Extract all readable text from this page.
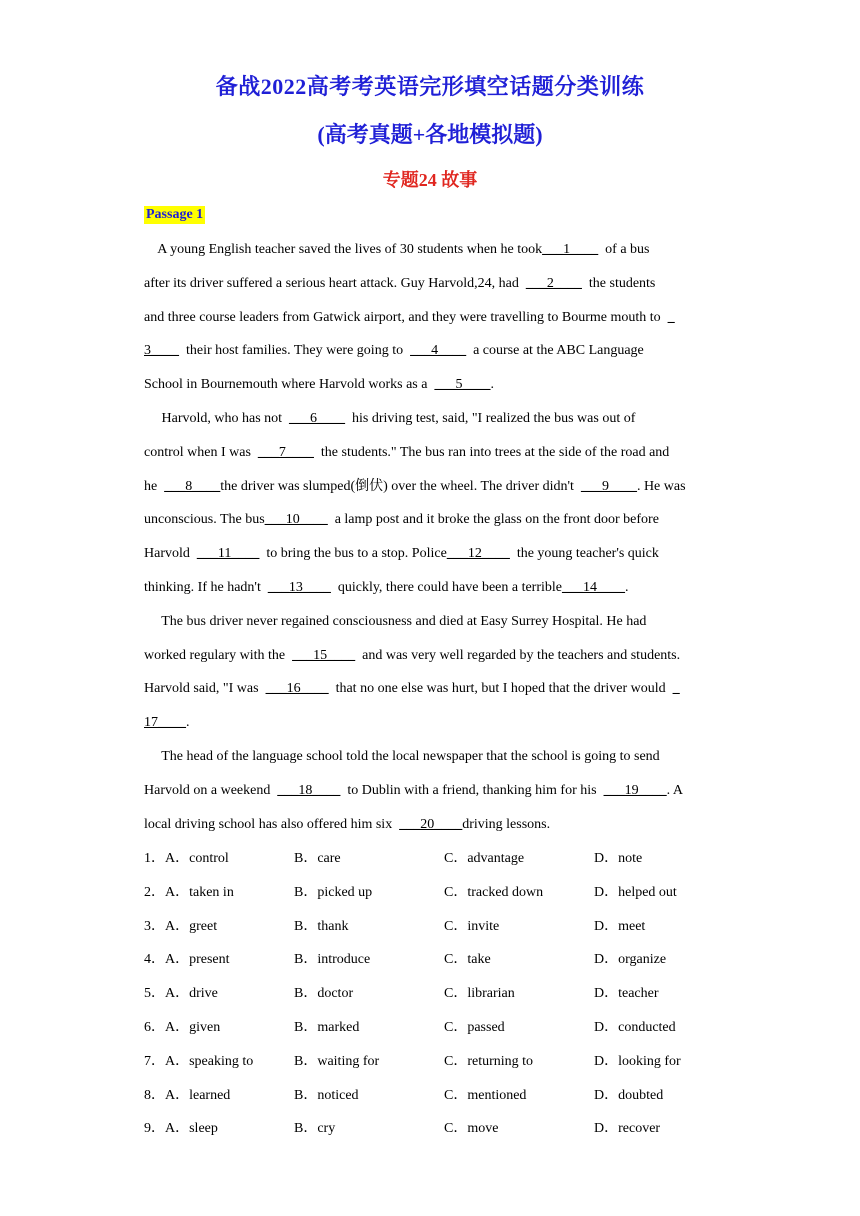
备战2022高考考英语完形填空话题分类训练
(高考真题+各地模拟题)
专题24 故事
Passage 1
A young English teacher saved the lives of 30 students when he took___1____  of a bus
after its driver suffered a serious heart attack. Guy Harvold,24, had  ___2____  the students
and three course leaders from Gatwick airport, and they were travelling to Bourme mouth to  _
3____  their host families. They were going to  ___4____  a course at the ABC Language
School in Bournemouth where Harvold works as a  ___5____.
Harvold, who has not  ___6____  his driving test, said, "I realized the bus was out of
control when I was  ___7____  the students." The bus ran into trees at the side of the road and
he  ___8____the driver was slumped(倒伏) over the wheel. The driver didn't  ___9____. He was
unconscious. The bus___10____  a lamp post and it broke the glass on the front door before
Harvold  ___11____  to bring the bus to a stop. Police___12____  the young teacher's quick
thinking. If he hadn't  ___13____  quickly, there could have been a terrible___14____.
The bus driver never regained consciousness and died at Easy Surrey Hospital. He had
worked regulary with the  ___15____  and was very well regarded by the teachers and students.
Harvold said, "I was  ___16____  that no one else was hurt, but I hoped that the driver would  _
17____.
The head of the language school told the local newspaper that the school is going to send
Harvold on a weekend  ___18____  to Dublin with a friend, thanking him for his  ___19____. A
local driving school has also offered him six  ___20____driving lessons.
1．A．control	B．care	C．advantage	D．note
2．A．taken in	B．picked up	C．tracked down	D．helped out
3．A．greet	B．thank	C．invite	D．meet
4．A．present	B．introduce	C．take	D．organize
5．A．drive	B．doctor	C．librarian	D．teacher
6．A．given	B．marked	C．passed	D．conducted
7．A．speaking to	B．waiting for	C．returning to	D．looking for
8．A．learned	B．noticed	C．mentioned	D．doubted
9．A．sleep	B．cry	C．move	D．recover
